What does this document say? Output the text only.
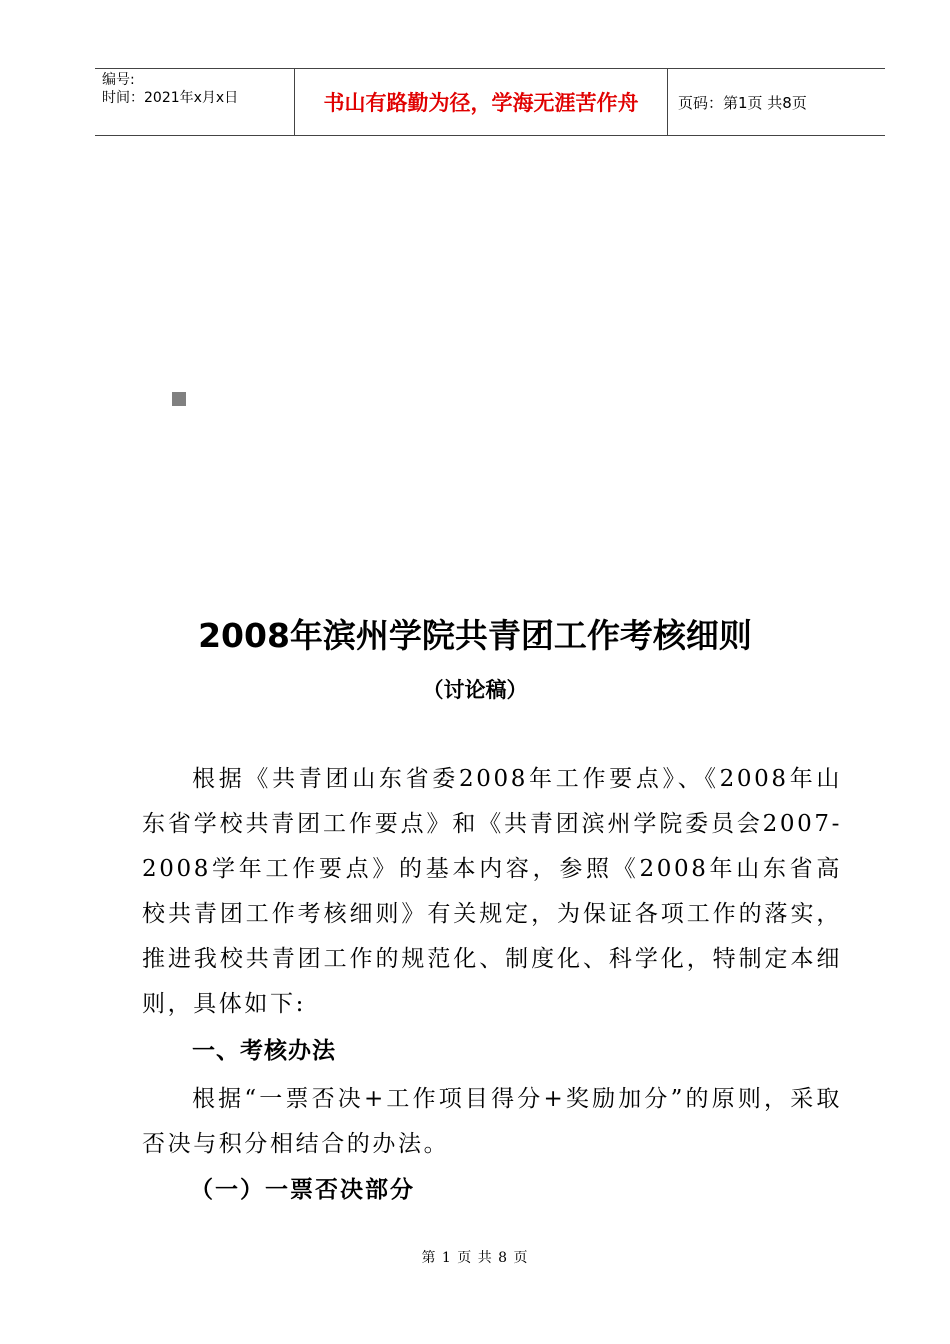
编号:
时间：2021年x月x日	书山有路勤为径，学海无涯苦作舟	页码：第1页 共8页
2008年滨州学院共青团工作考核细则
（讨论稿）
根据《共青团山东省委2008年工作要点》、《2008年山东省学校共青团工作要点》和《共青团滨州学院委员会2007-2008学年工作要点》的基本内容，参照《2008年山东省高校共青团工作考核细则》有关规定，为保证各项工作的落实，推进我校共青团工作的规范化、制度化、科学化，特制定本细则，具体如下:
一、考核办法
根据“一票否决+工作项目得分+奖励加分”的原则，采取否决与积分相结合的办法。
（一）一票否决部分
第 1 页 共 8 页
